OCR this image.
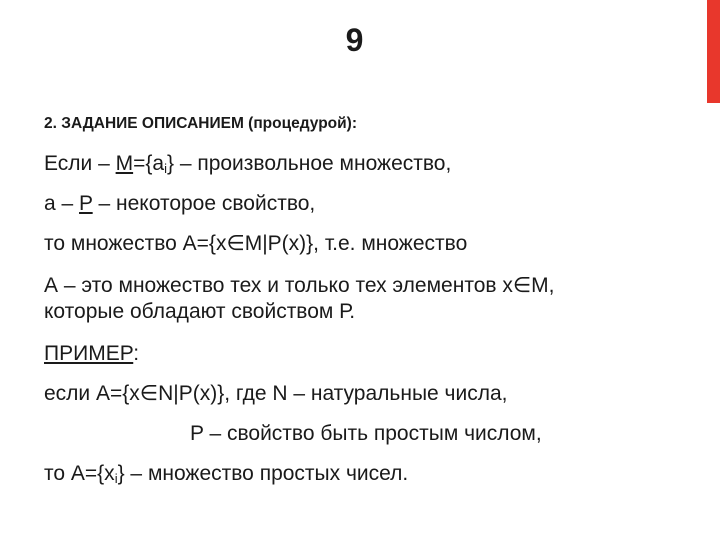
9
2. ЗАДАНИЕ ОПИСАНИЕМ (процедурой):
Если – $M=\{a_i\}$ – произвольное множество,
а – P – некоторое свойство,
то множество А={x∈M|P(x)}, т.е. множество
А – это множество тех и только тех элементов x∈M,
которые обладают свойством Р.
ПРИМЕР:
если А={x∈N|P(x)}, где N – натуральные числа,
P – свойство быть простым числом,
то $А=\{x_i\}$ – множество простых чисел.
